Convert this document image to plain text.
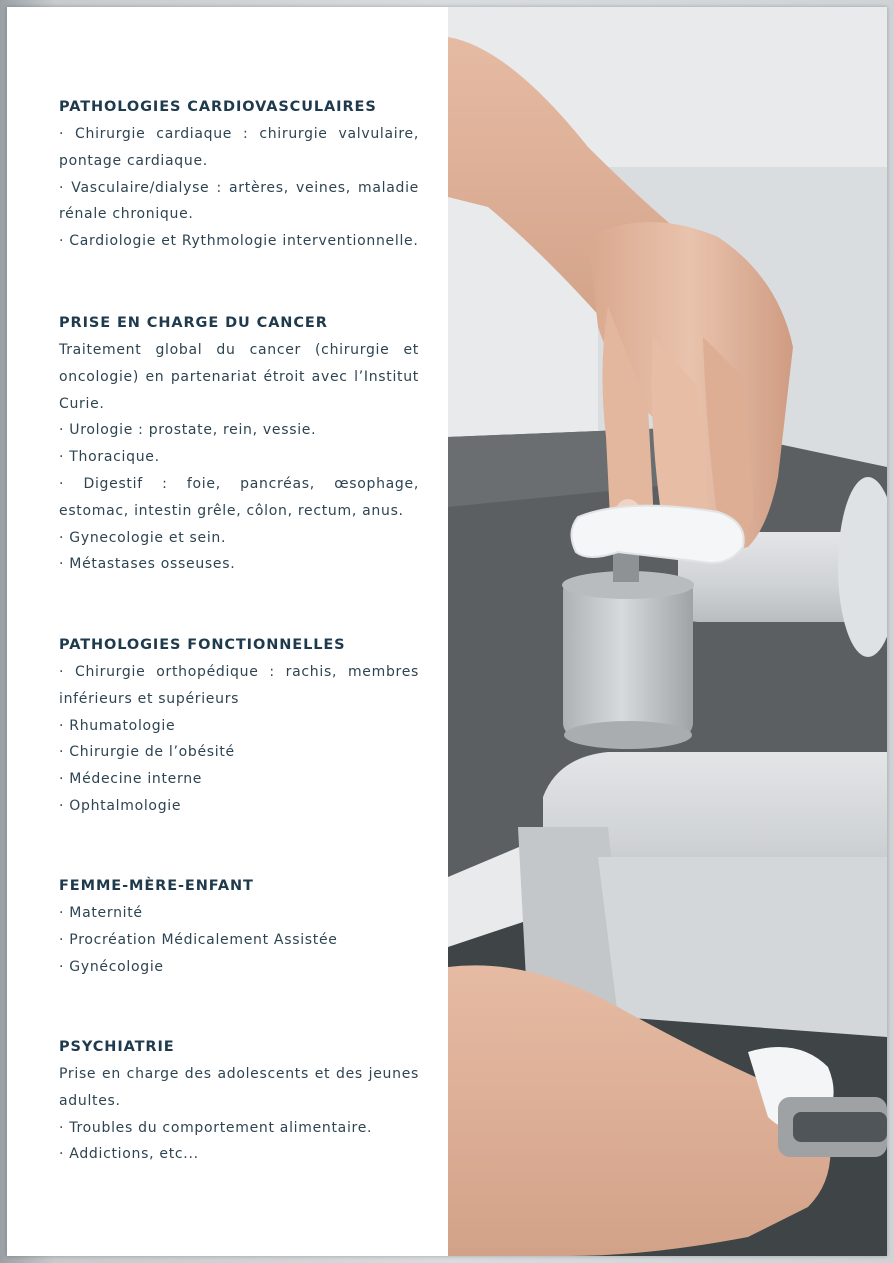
PATHOLOGIES CARDIOVASCULAIRES

· Chirurgie cardiaque : chirurgie valvulaire, pontage cardiaque.

· Vasculaire/dialyse : artères, veines, maladie rénale chronique.

· Cardiologie et Rythmologie interventionnelle.

PRISE EN CHARGE DU CANCER

Traitement global du cancer (chirurgie et oncologie) en partenariat étroit avec l’Institut Curie.

· Urologie : prostate, rein, vessie.

· Thoracique.

· Digestif : foie, pancréas, œsophage, estomac, intestin grêle, côlon, rectum, anus.

· Gynecologie et sein.

· Métastases osseuses.

PATHOLOGIES FONCTIONNELLES

· Chirurgie orthopédique : rachis, membres inférieurs et supérieurs

· Rhumatologie

· Chirurgie de l’obésité

· Médecine interne

· Ophtalmologie

FEMME-MÈRE-ENFANT

· Maternité

· Procréation Médicalement Assistée

· Gynécologie

PSYCHIATRIE

Prise en charge des adolescents et des jeunes adultes.

· Troubles du comportement alimentaire.

· Addictions, etc...
